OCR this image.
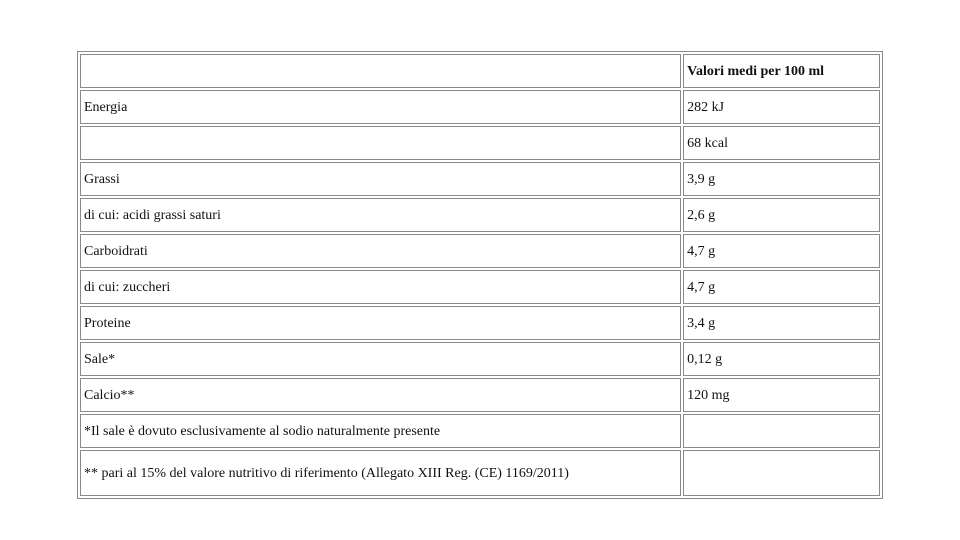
	Valori medi per 100 ml
Energia	282 kJ
	68 kcal
Grassi	3,9 g
di cui: acidi grassi saturi	2,6 g
Carboidrati	4,7 g
di cui: zuccheri	4,7 g
Proteine	3,4 g
Sale*	0,12 g
Calcio**	120 mg
*Il sale è dovuto esclusivamente al sodio naturalmente presente	
** pari al 15% del valore nutritivo di riferimento (Allegato XIII Reg. (CE) 1169/2011)	
